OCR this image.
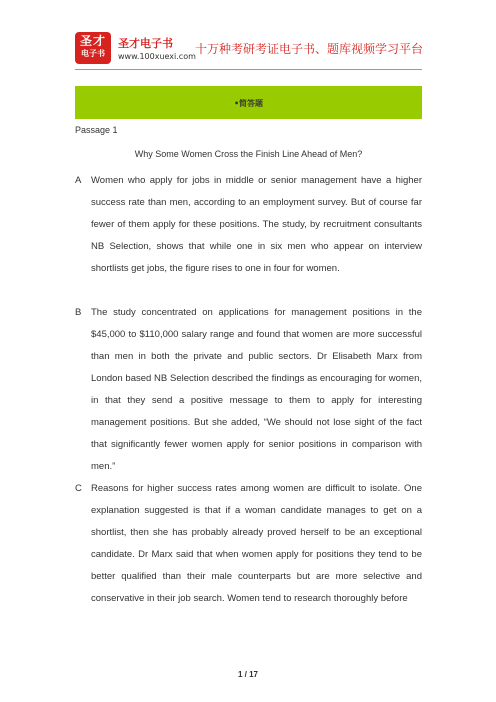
圣才
电子书
圣才电子书
www.100xuexi.com
十万种考研考证电子书、题库视频学习平台
•简答题
Passage 1
Why Some Women Cross the Finish Line Ahead of Men?
A Women who apply for jobs in middle or senior management have a higher success rate than men, according to an employment survey. But of course far fewer of them apply for these positions. The study, by recruitment consultants NB Selection, shows that while one in six men who appear on interview shortlists get jobs, the figure rises to one in four for women.
B The study concentrated on applications for management positions in the $45,000 to $110,000 salary range and found that women are more successful than men in both the private and public sectors. Dr Elisabeth Marx from London based NB Selection described the findings as encouraging for women, in that they send a positive message to them to apply for interesting management positions. But she added, “We should not lose sight of the fact that significantly fewer women apply for senior positions in comparison with men.”
C Reasons for higher success rates among women are difficult to isolate. One explanation suggested is that if a woman candidate manages to get on a shortlist, then she has probably already proved herself to be an exceptional candidate. Dr Marx said that when women apply for positions they tend to be better qualified than their male counterparts but are more selective and conservative in their job search. Women tend to research thoroughly before
1 / 17
